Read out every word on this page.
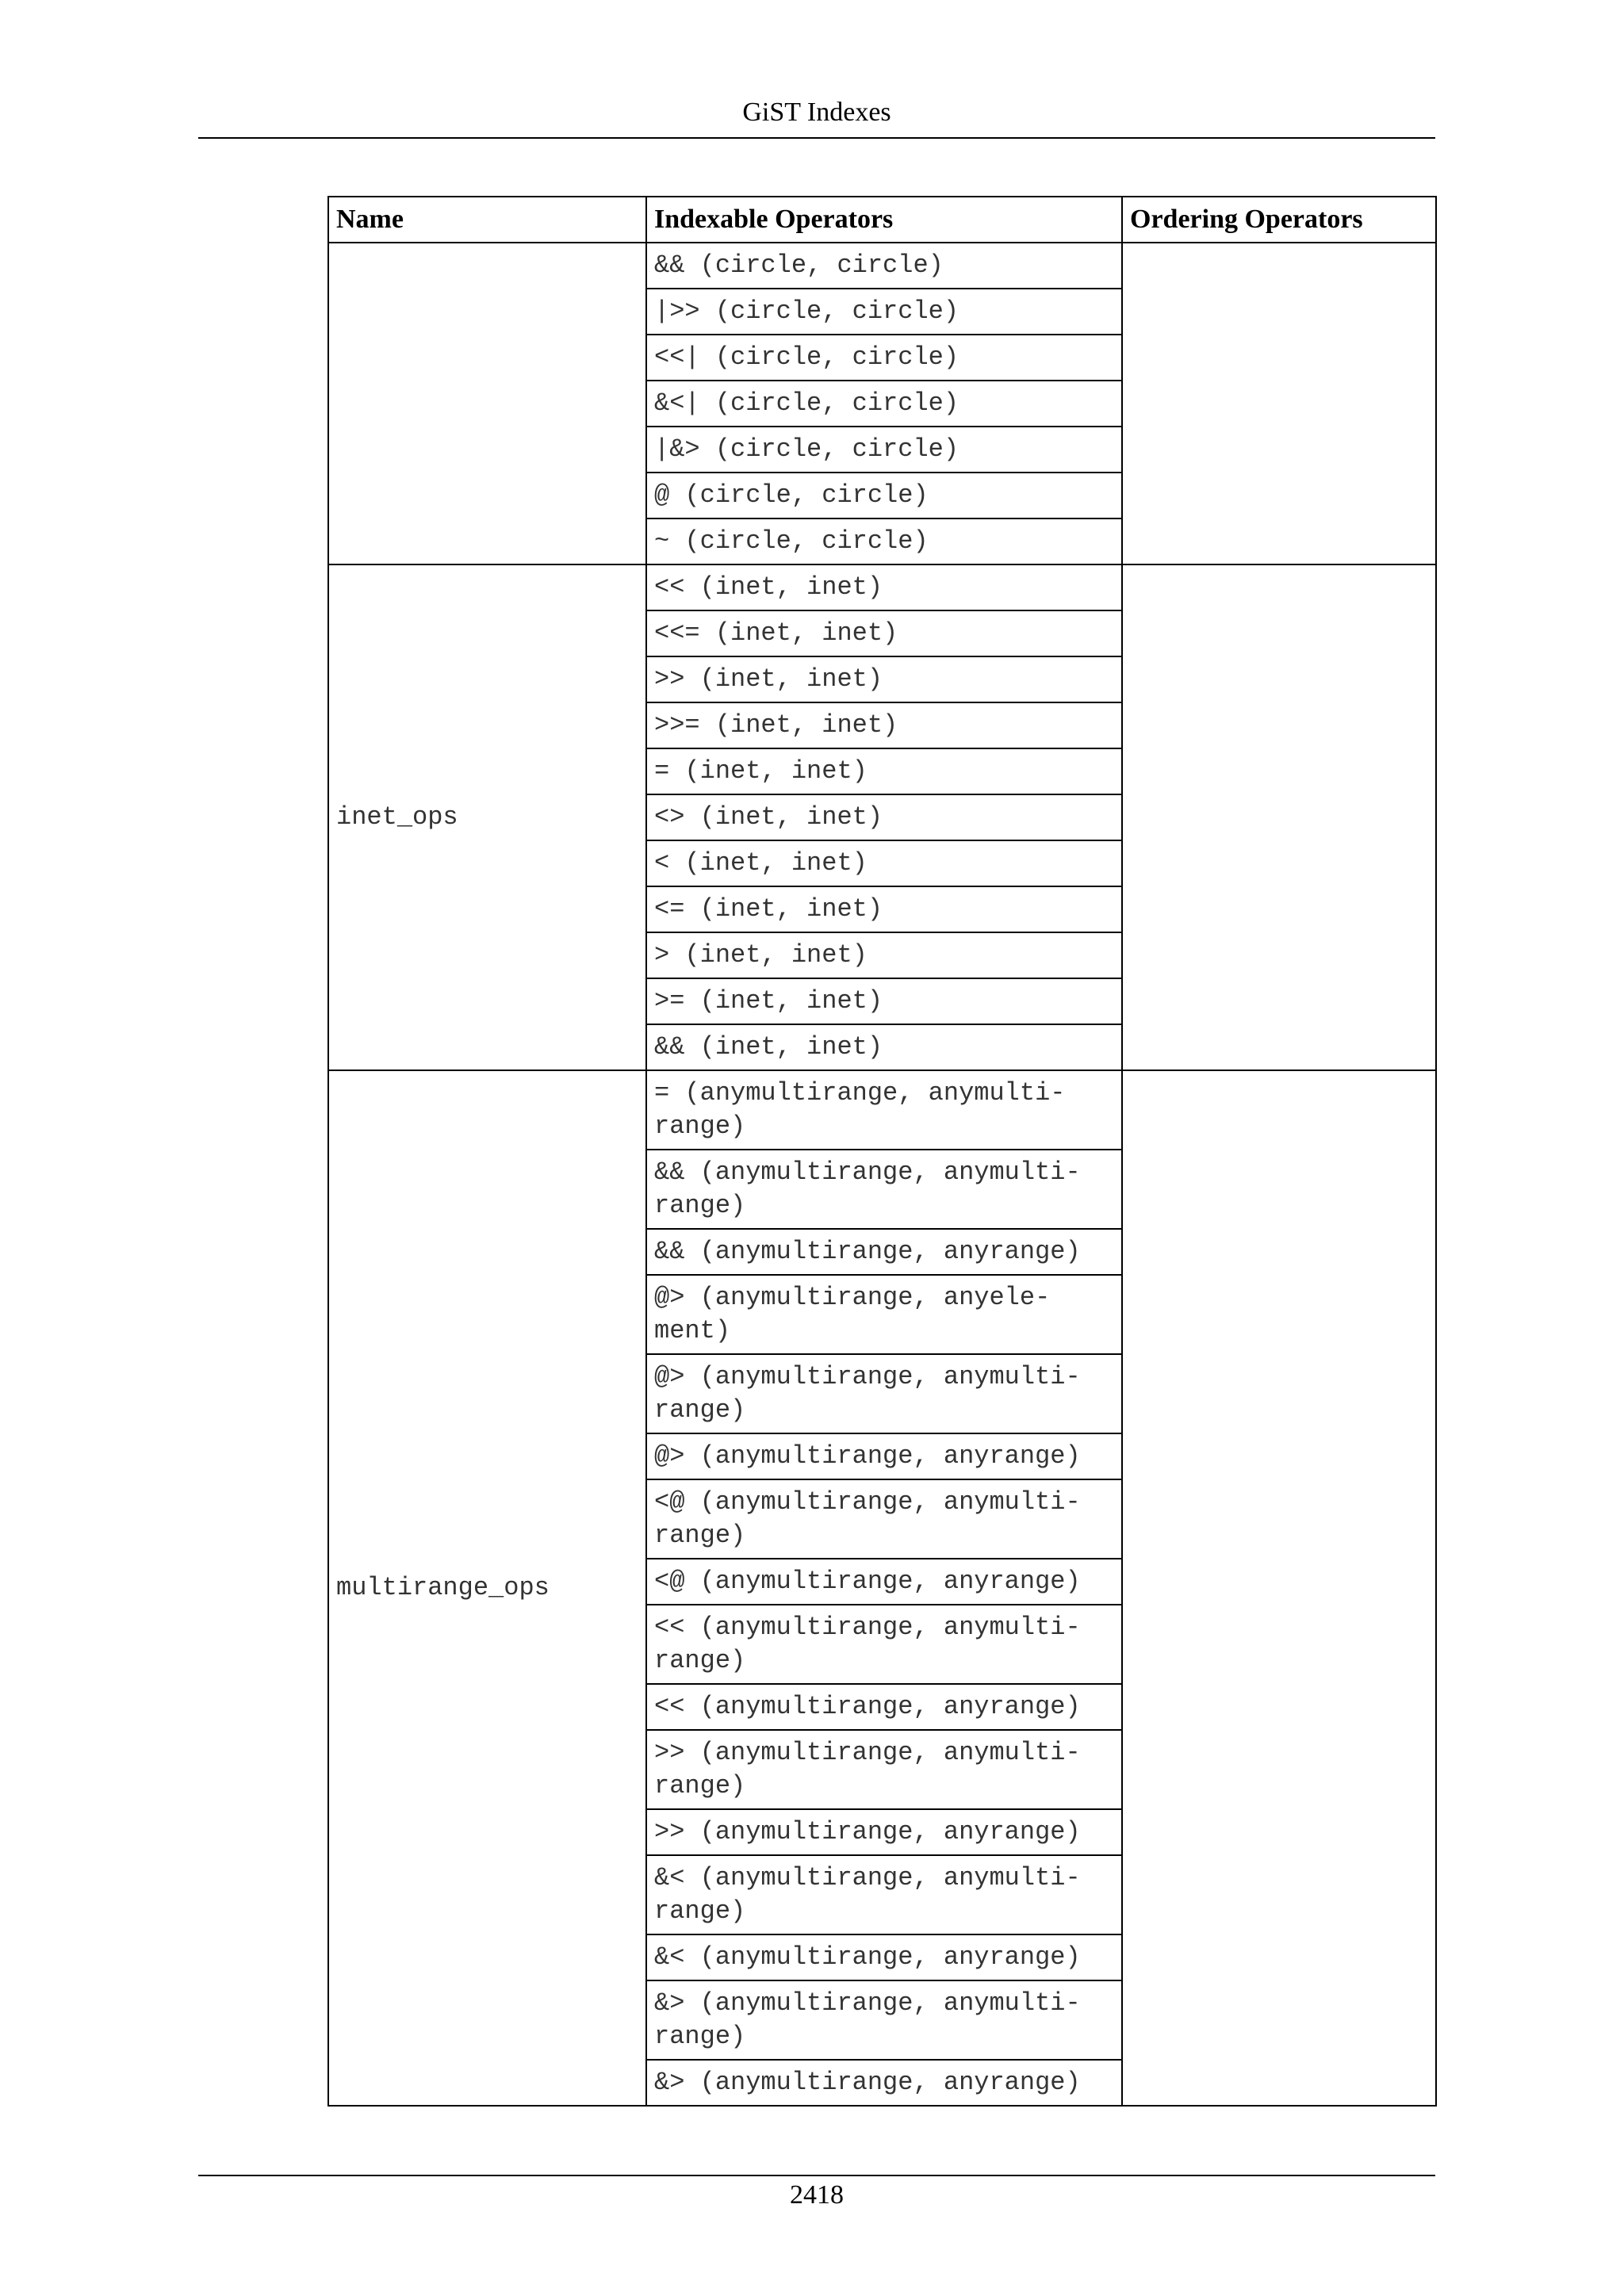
GiST Indexes
Name	Indexable Operators	Ordering Operators
	&& (circle, circle)	
	|>> (circle, circle)	
	<<| (circle, circle)	
	&<| (circle, circle)	
	|&> (circle, circle)	
	@ (circle, circle)	
	~ (circle, circle)	
inet_ops	<< (inet, inet)	
	<<= (inet, inet)	
	>> (inet, inet)	
	>>= (inet, inet)	
	= (inet, inet)	
	<> (inet, inet)	
	< (inet, inet)	
	<= (inet, inet)	
	> (inet, inet)	
	>= (inet, inet)	
	&& (inet, inet)	
multirange_ops	= (anymultirange, anymulti-
range)	
	&& (anymultirange, anymulti-
range)	
	&& (anymultirange, anyrange)	
	@> (anymultirange, anyele-
ment)	
	@> (anymultirange, anymulti-
range)	
	@> (anymultirange, anyrange)	
	<@ (anymultirange, anymulti-
range)	
	<@ (anymultirange, anyrange)	
	<< (anymultirange, anymulti-
range)	
	<< (anymultirange, anyrange)	
	>> (anymultirange, anymulti-
range)	
	>> (anymultirange, anyrange)	
	&< (anymultirange, anymulti-
range)	
	&< (anymultirange, anyrange)	
	&> (anymultirange, anymulti-
range)	
	&> (anymultirange, anyrange)	
2418
